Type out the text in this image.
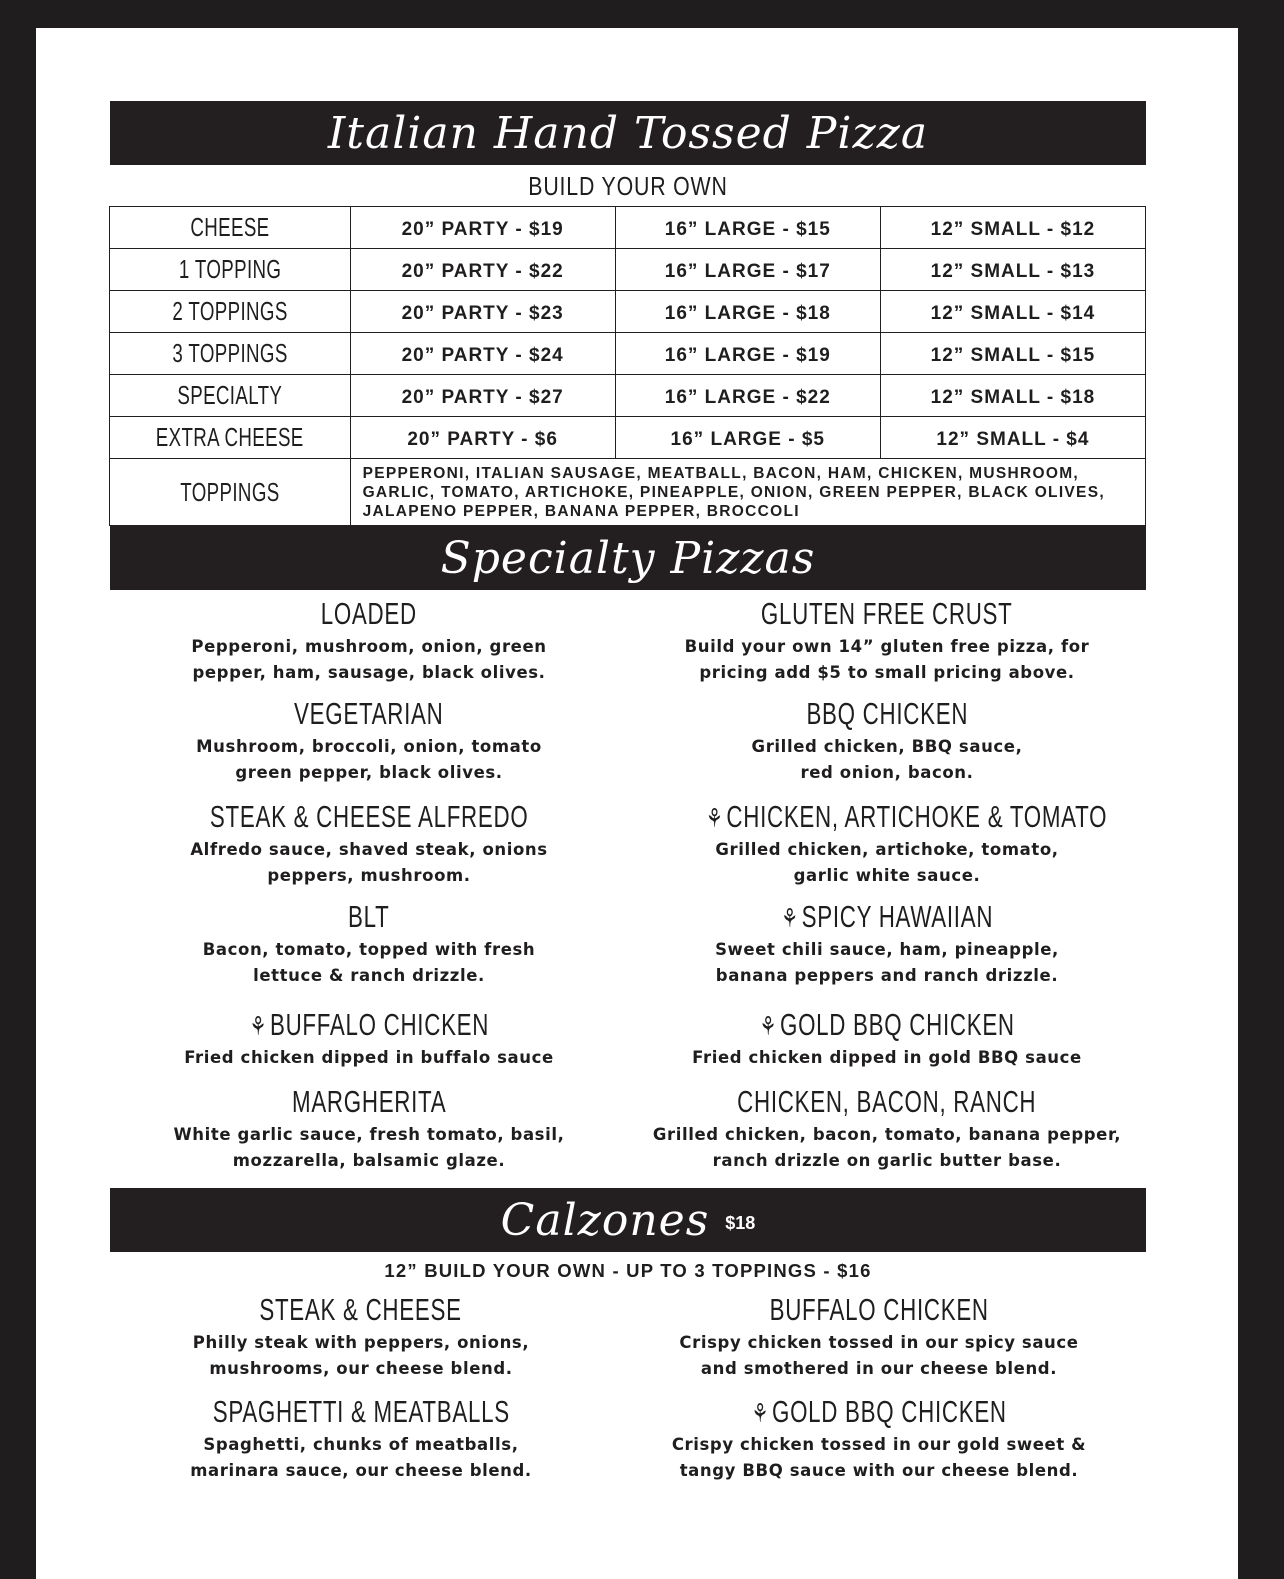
Italian Hand Tossed Pizza
BUILD YOUR OWN
CHEESE	20” PARTY - $19	16” LARGE - $15	12” SMALL - $12
1 TOPPING	20” PARTY - $22	16” LARGE - $17	12” SMALL - $13
2 TOPPINGS	20” PARTY - $23	16” LARGE - $18	12” SMALL - $14
3 TOPPINGS	20” PARTY - $24	16” LARGE - $19	12” SMALL - $15
SPECIALTY	20” PARTY - $27	16” LARGE - $22	12” SMALL - $18
EXTRA CHEESE	20” PARTY - $6	16” LARGE - $5	12” SMALL - $4
TOPPINGS	PEPPERONI, ITALIAN SAUSAGE, MEATBALL, BACON, HAM, CHICKEN, MUSHROOM, GARLIC, TOMATO, ARTICHOKE, PINEAPPLE, ONION, GREEN PEPPER, BLACK OLIVES, JALAPENO PEPPER, BANANA PEPPER, BROCCOLI		
Specialty Pizzas
LOADED
Pepperoni, mushroom, onion, green
pepper, ham, sausage, black olives.
VEGETARIAN
Mushroom, broccoli, onion, tomato
green pepper, black olives.
STEAK & CHEESE ALFREDO
Alfredo sauce, shaved steak, onions
peppers, mushroom.
BLT
Bacon, tomato, topped with fresh
lettuce & ranch drizzle.
⚘BUFFALO CHICKEN
Fried chicken dipped in buffalo sauce
MARGHERITA
White garlic sauce, fresh tomato, basil,
mozzarella, balsamic glaze.
GLUTEN FREE CRUST
Build your own 14” gluten free pizza, for
pricing add $5 to small pricing above.
BBQ CHICKEN
Grilled chicken, BBQ sauce,
red onion, bacon.
⚘CHICKEN, ARTICHOKE & TOMATO
Grilled chicken, artichoke, tomato,
garlic white sauce.
⚘SPICY HAWAIIAN
Sweet chili sauce, ham, pineapple,
banana peppers and ranch drizzle.
⚘GOLD BBQ CHICKEN
Fried chicken dipped in gold BBQ sauce
CHICKEN, BACON, RANCH
Grilled chicken, bacon, tomato, banana pepper,
ranch drizzle on garlic butter base.
Calzones $18
12” BUILD YOUR OWN - UP TO 3 TOPPINGS - $16
STEAK & CHEESE
Philly steak with peppers, onions,
mushrooms, our cheese blend.
BUFFALO CHICKEN
Crispy chicken tossed in our spicy sauce
and smothered in our cheese blend.
SPAGHETTI & MEATBALLS
Spaghetti, chunks of meatballs,
marinara sauce, our cheese blend.
⚘GOLD BBQ CHICKEN
Crispy chicken tossed in our gold sweet &
tangy BBQ sauce with our cheese blend.
